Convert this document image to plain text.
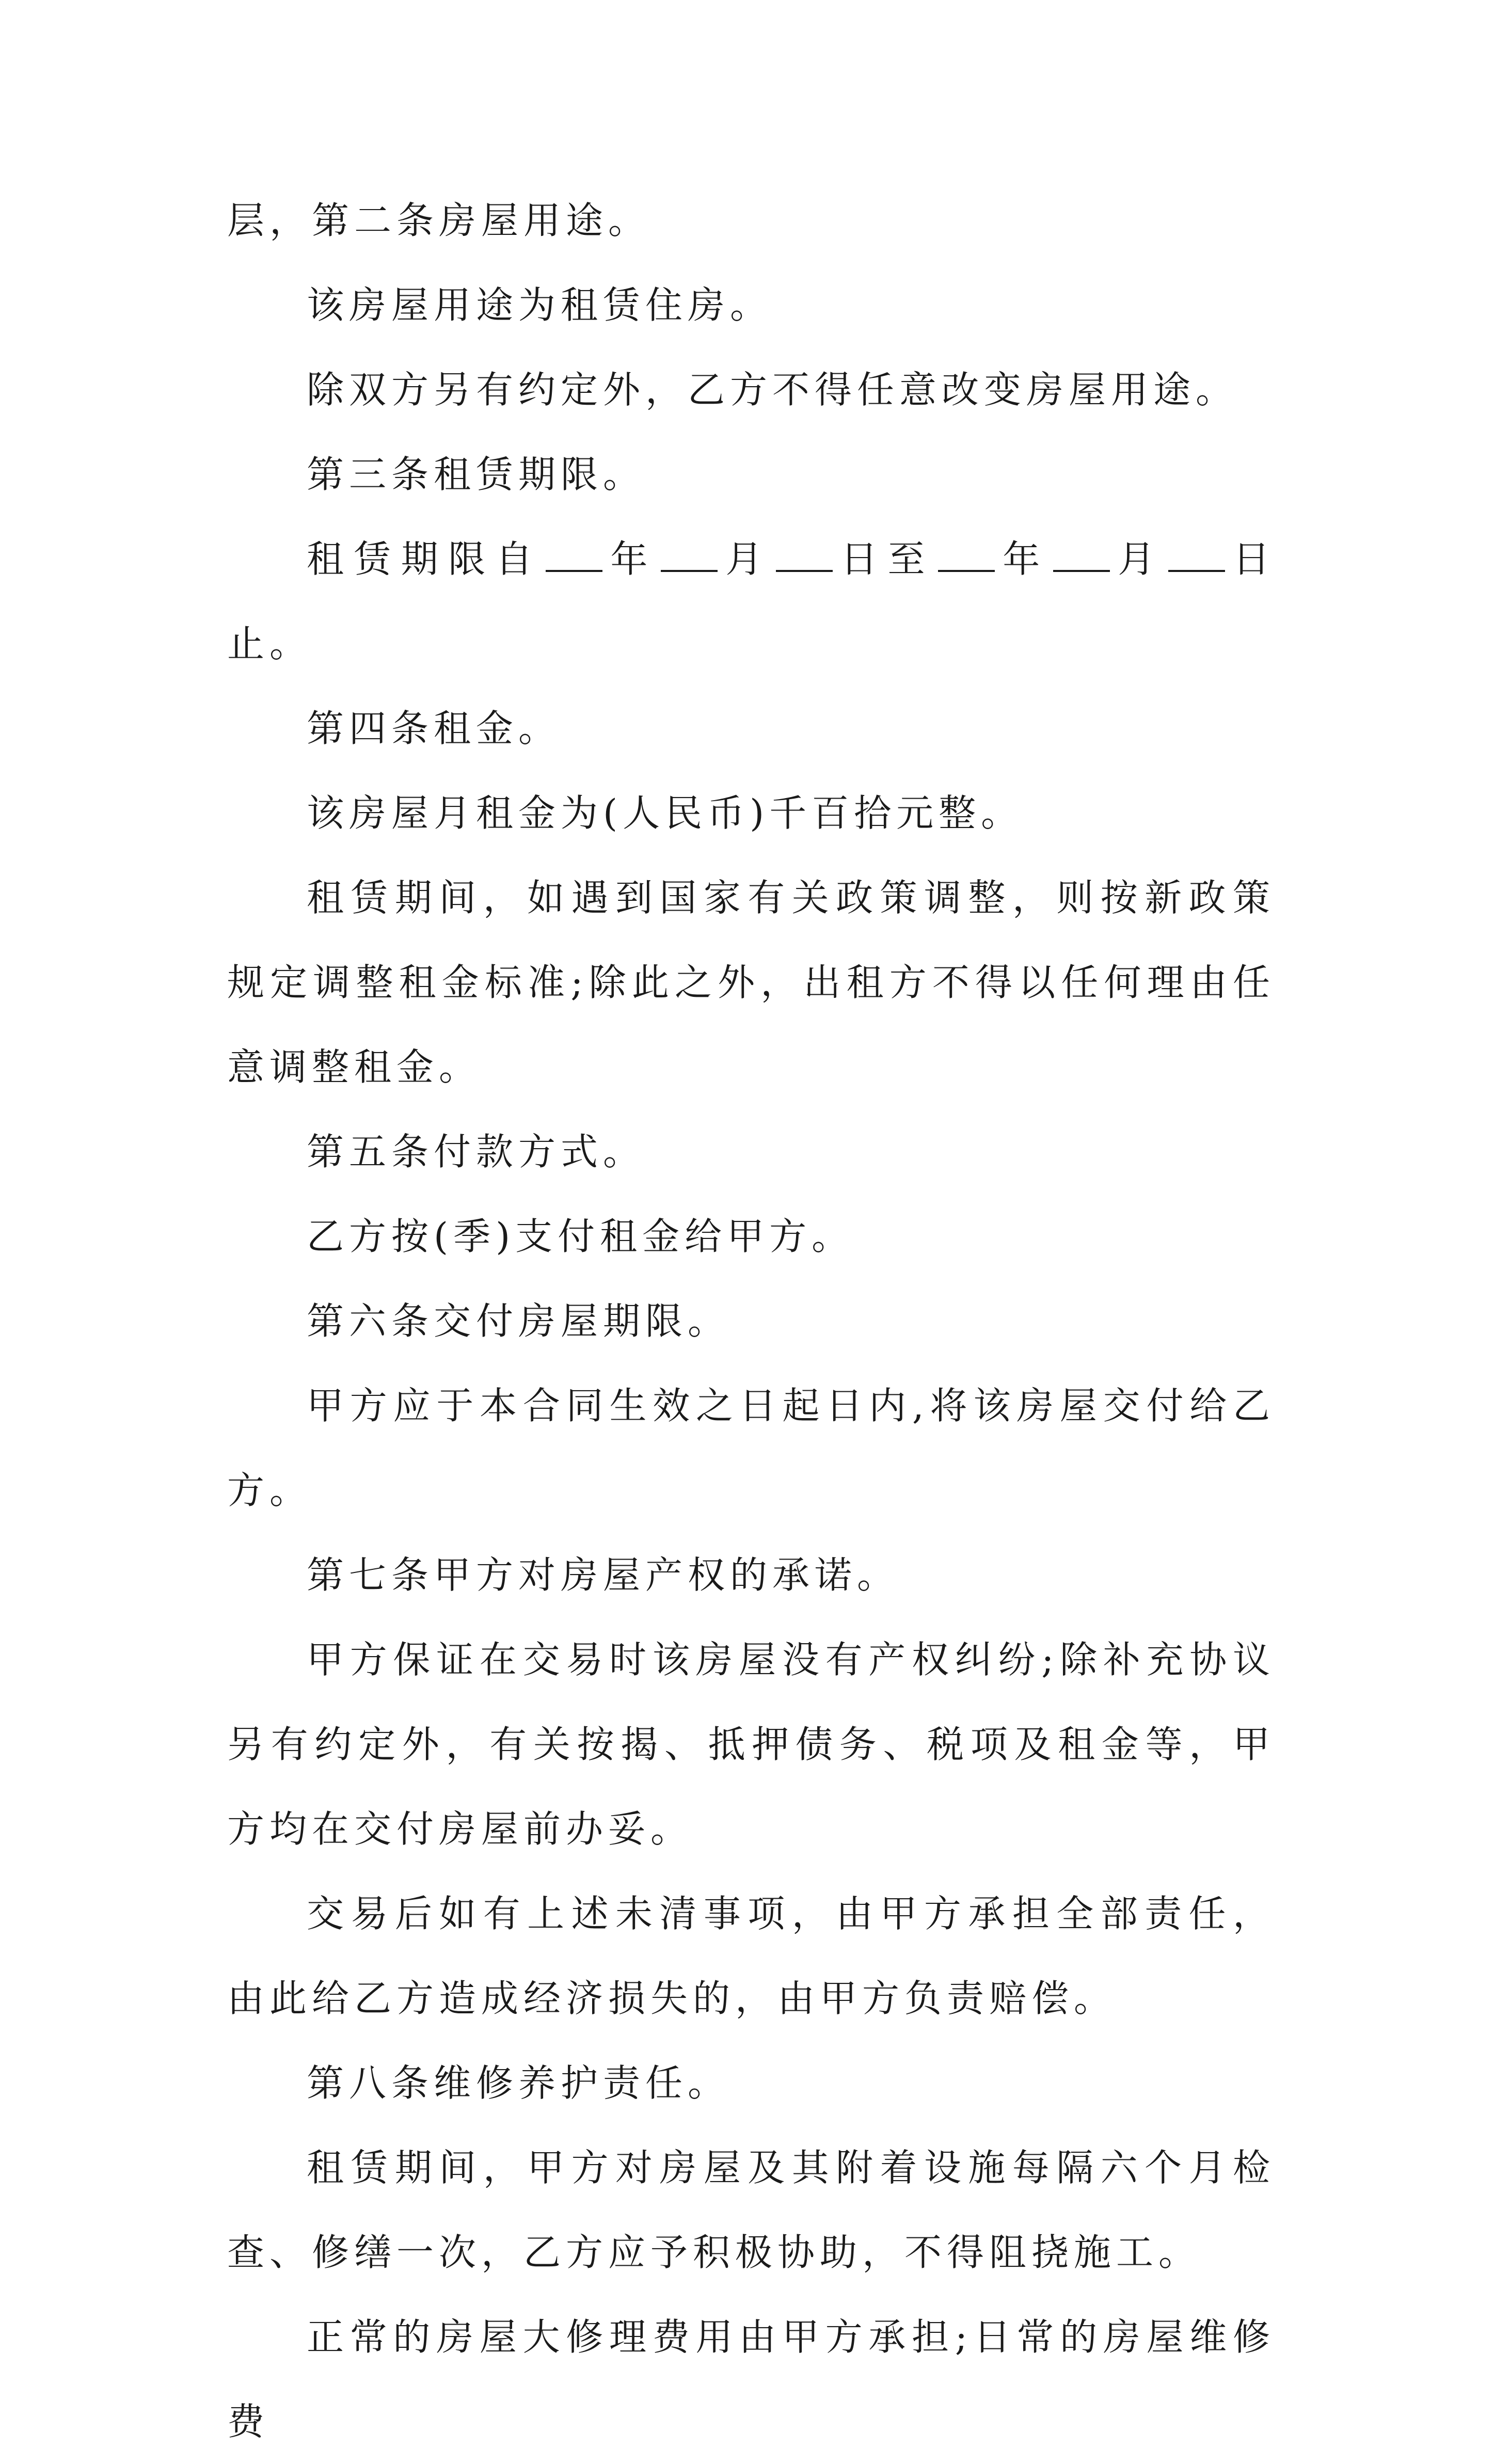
层，第二条房屋用途。

该房屋用途为租赁住房。

除双方另有约定外，乙方不得任意改变房屋用途。

第三条租赁期限。

租赁期限自 年 月 日至 年 月 日止。

第四条租金。

该房屋月租金为(人民币)千百拾元整。

租赁期间，如遇到国家有关政策调整，则按新政策规定调整租金标准;除此之外，出租方不得以任何理由任意调整租金。

第五条付款方式。

乙方按(季)支付租金给甲方。

第六条交付房屋期限。

甲方应于本合同生效之日起日内,将该房屋交付给乙方。

第七条甲方对房屋产权的承诺。

甲方保证在交易时该房屋没有产权纠纷;除补充协议另有约定外，有关按揭、抵押债务、税项及租金等，甲方均在交付房屋前办妥。

交易后如有上述未清事项，由甲方承担全部责任，由此给乙方造成经济损失的，由甲方负责赔偿。

第八条维修养护责任。

租赁期间，甲方对房屋及其附着设施每隔六个月检查、修缮一次，乙方应予积极协助，不得阻挠施工。

正常的房屋大修理费用由甲方承担;日常的房屋维修费
